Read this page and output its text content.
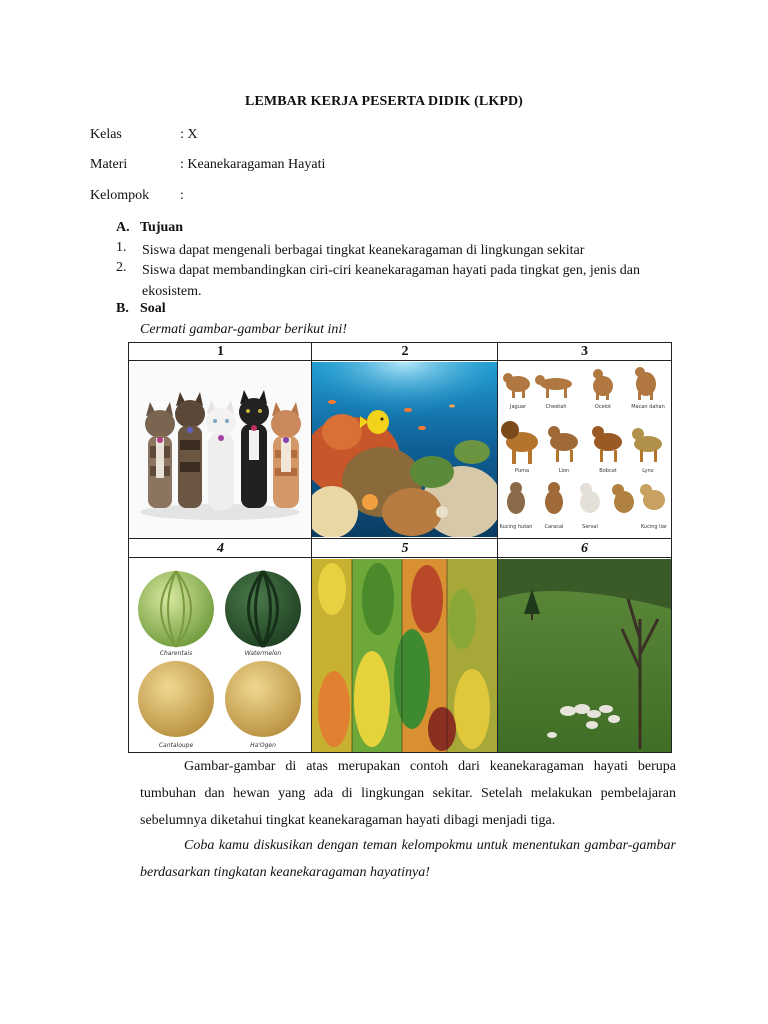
LEMBAR KERJA PESERTA DIDIK (LKPD)
Kelas	: X
Materi	: Keanekaragaman Hayati
Kelompok :
A. Tujuan
1. Siswa dapat mengenali berbagai tingkat keanekaragaman di lingkungan sekitar
2. Siswa dapat membandingkan ciri-ciri keanekaragaman hayati pada tingkat gen, jenis dan ekosistem.
B. Soal
Cermati gambar-gambar berikut ini!
1	2	3
4	5	6
Jaguar	Cheetah	Ocelot	Macan dahan
Puma	Lion	Bobcat	Lynx
Kucing hutan Caracal	Serval	Kucing liar
Charentais	Watermelon
Cantaloupe	Ha'Ogen
Gambar-gambar di atas merupakan contoh dari keanekaragaman hayati berupa tumbuhan dan hewan yang ada di lingkungan sekitar. Setelah melakukan pembelajaran sebelumnya diketahui tingkat keanekaragaman hayati dibagi menjadi tiga.
Coba kamu diskusikan dengan teman kelompokmu untuk menentukan gambar-gambar berdasarkan tingkatan keanekaragaman hayatinya!
